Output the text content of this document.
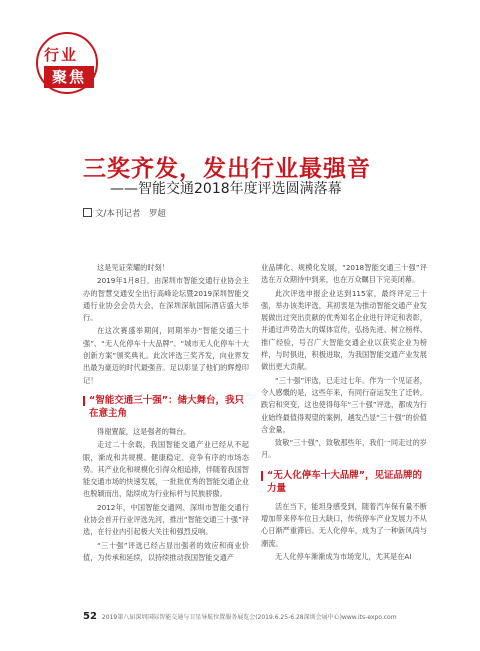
行业
聚焦
三奖齐发，发出行业最强音
——智能交通2018年度评选圆满落幕
文/本刊记者　罗超

这是见证荣耀的时刻！

2019年1月8日，由深圳市智能交通行业协会主办的智慧交通安全出行高峰论坛暨2019深圳智能交通行业协会会员大会，在深圳深航国际酒店盛大举行。

在这次赛盛举期间，同期举办“智能交通三十强”、“无人化停车十大品牌”、“城市无人化停车十大创新方案”颁奖典礼。此次评选三奖齐发，向业界发出最为豪迈的时代最强音。足以彰显了他们的辉煌印记！

“智能交通三十强”：储大舞台，我只在意主角

得谢置靛，这是强者的舞台。

走过二十余载，我国智能交通产业已经从不起眼，渐成和共规模、健康稳定、竞争有序的市场态势。其产业化和规模化引得众相追捧，伴随着我国智能交通市场的快速发展，一批批优秀的智能交通企业也脱颖而出，陆续成为行业标杆与民族骄傲。

2012年，中国智能交通网、深圳市智能交通行业协会首开行业评选先河，推出“智能交通三十强”评选，在行业内引起极大关注和强烈反响。

“三十强”评选已经占显出强者的效应和商业价值，为传承和延续，以持续推动我国智能交通产

业品牌化、规模化发展，“2018智能交通三十强”评选在万众期待中到来，也在万众瞩目下完美闭幕。

此次评选申报企业达到115家，最终评定三十强，举办该类评选，其初衷是为推动智能交通产业发展做出过突出贡献的优秀知名企业进行评定和表彰，并通过声势浩大的媒体宣传，弘扬先进、树立榜样、推广经验，号召广大智能交通企业以获奖企业为榜样，与时俱进，积极进取，为我国智能交通产业发展做出更大贡献。

“三十强”评选，已走过七年。作为一个见证者，令人感慨的是，这些年来，有同行奋运发生了迁转，跌宕和突变，这也使得每年“三十强”评选，都成为行业始终最值得观望的案例，越发凸显“三十强”的价值含金量。

致敬“三十强”，致敬那些年，我们一同走过的岁月。

“无人化停车十大品牌”，见证品牌的力量

活在当下，能坦身感受到，随着汽车保有量不断增加带来停车位日大缺口，传统停车产业发展力不从心日渐严重滞后。无人化停车，成为了一种新风尚与潮流。

无人化停车渐渐成为市场宠儿，尤其是在AI

52 2019第八届深圳国际智能交通与卫星导航位置服务展览会(2019.6.25-6.28深圳会展中心)www.its-expo.com
